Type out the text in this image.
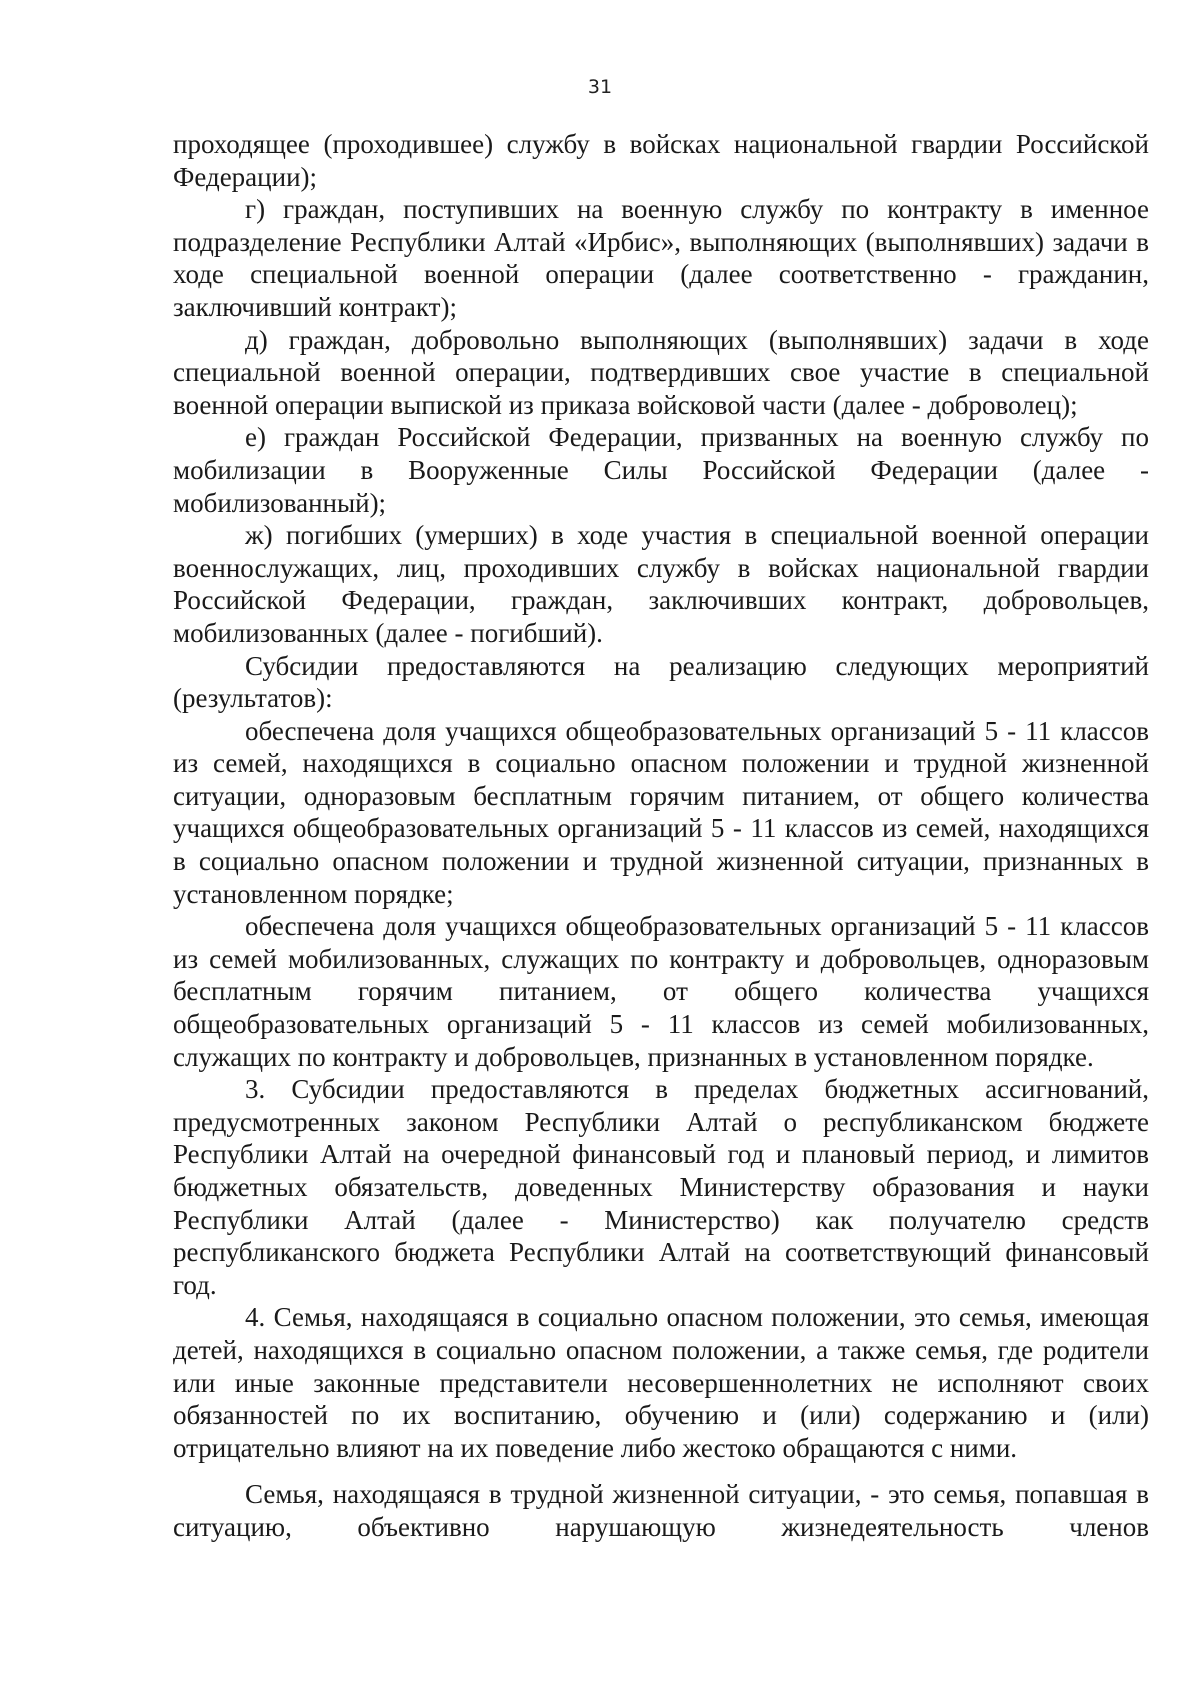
31

проходящее (проходившее) службу в войсках национальной гвардии Российской Федерации);

г) граждан, поступивших на военную службу по контракту в именное подразделение Республики Алтай «Ирбис», выполняющих (выполнявших) задачи в ходе специальной военной операции (далее соответственно - гражданин, заключивший контракт);

д) граждан, добровольно выполняющих (выполнявших) задачи в ходе специальной военной операции, подтвердивших свое участие в специальной военной операции выпиской из приказа войсковой части (далее - доброволец);

е) граждан Российской Федерации, призванных на военную службу по мобилизации в Вооруженные Силы Российской Федерации (далее - мобилизованный);

ж) погибших (умерших) в ходе участия в специальной военной операции военнослужащих, лиц, проходивших службу в войсках национальной гвардии Российской Федерации, граждан, заключивших контракт, добровольцев, мобилизованных (далее - погибший).

Субсидии предоставляются на реализацию следующих мероприятий (результатов):

обеспечена доля учащихся общеобразовательных организаций 5 - 11 классов из семей, находящихся в социально опасном положении и трудной жизненной ситуации, одноразовым бесплатным горячим питанием, от общего количества учащихся общеобразовательных организаций 5 - 11 классов из семей, находящихся в социально опасном положении и трудной жизненной ситуации, признанных в установленном порядке;

обеспечена доля учащихся общеобразовательных организаций 5 - 11 классов из семей мобилизованных, служащих по контракту и добровольцев, одноразовым бесплатным горячим питанием, от общего количества учащихся общеобразовательных организаций 5 - 11 классов из семей мобилизованных, служащих по контракту и добровольцев, признанных в установленном порядке.

3. Субсидии предоставляются в пределах бюджетных ассигнований, предусмотренных законом Республики Алтай о республиканском бюджете Республики Алтай на очередной финансовый год и плановый период, и лимитов бюджетных обязательств, доведенных Министерству образования и науки Республики Алтай (далее - Министерство) как получателю средств республиканского бюджета Республики Алтай на соответствующий финансовый год.

4. Семья, находящаяся в социально опасном положении, это семья, имеющая детей, находящихся в социально опасном положении, а также семья, где родители или иные законные представители несовершеннолетних не исполняют своих обязанностей по их воспитанию, обучению и (или) содержанию и (или) отрицательно влияют на их поведение либо жестоко обращаются с ними.

Семья, находящаяся в трудной жизненной ситуации, - это семья, попавшая в ситуацию, объективно нарушающую жизнедеятельность членов
